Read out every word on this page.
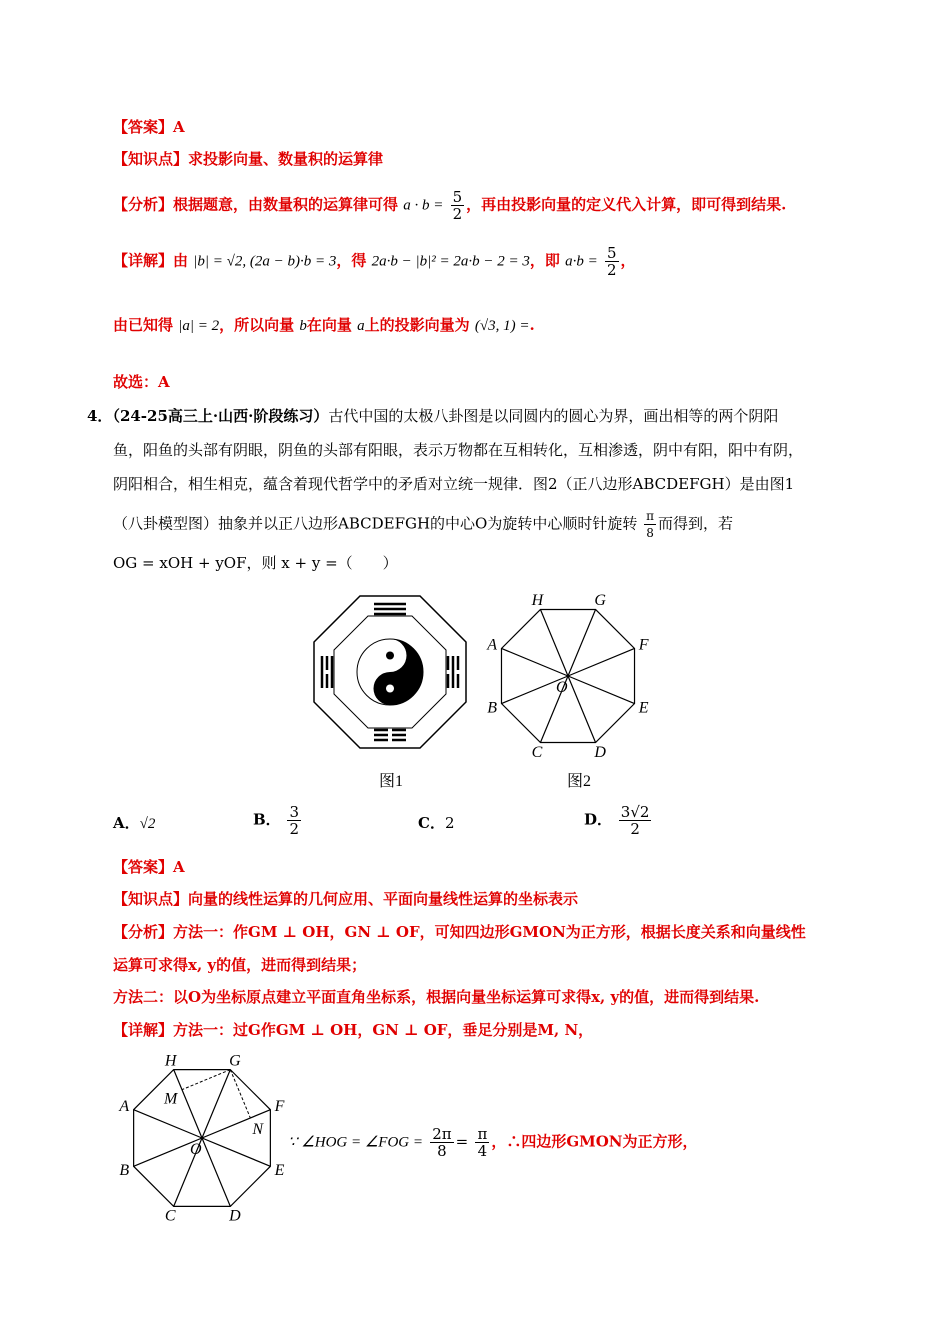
【答案】A
【知识点】求投影向量、数量积的运算律
【分析】根据题意，由数量积的运算律可得 $a \cdot b = \frac{5}{2}$ ，再由投影向量的定义代入计算，即可得到结果.
【详解】由 |b| = √2, (2a − b)·b = 3，得 2a·b − |b|² = 2a·b − 2 = 3，即 $a\cdot b = \frac{5}{2}$ ，
由已知得 |a| = 2，所以向量 b在向量 a上的投影向量为 (√3, 1) =.
故选：A
4．（24-25高三上·山西·阶段练习）古代中国的太极八卦图是以同圆内的圆心为界，画出相等的两个阴阳
鱼，阳鱼的头部有阴眼，阴鱼的头部有阳眼，表示万物都在互相转化，互相渗透，阴中有阳，阳中有阴，
阴阳相合，相生相克，蕴含着现代哲学中的矛盾对立统一规律．图2（正八边形ABCDEFGH）是由图1
（八卦模型图）抽象并以正八边形ABCDEFGH的中心O为旋转中心顺时针旋转 $\frac{\pi}{8}$ 而得到，若
OG = xOH + yOF，则 x + y =（　　）
图1
G
F
E
D
C
B
A
H
O
图2
A．√2	B． $\frac{3}{2}$	C．2	D． $\frac{3√2}{2}$
【答案】A
【知识点】向量的线性运算的几何应用、平面向量线性运算的坐标表示
【分析】方法一：作GM ⊥ OH，GN ⊥ OF，可知四边形GMON为正方形，根据长度关系和向量线性
运算可求得x, y的值，进而得到结果；
方法二：以O为坐标原点建立平面直角坐标系，根据向量坐标运算可求得x, y的值，进而得到结果.
【详解】方法一：过G作GM ⊥ OH，GN ⊥ OF，垂足分别是M, N，
G
F
E
D
C
B
A
H
O
M
N
∵ ∠HOG = ∠FOG = $\frac{2\pi}{8} = \frac{\pi}{4}$ ，∴四边形GMON为正方形，
